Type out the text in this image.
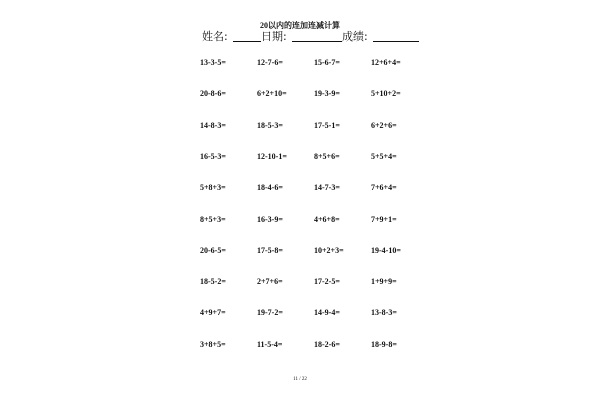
20以内的连加连减计算
姓名:	日期:	成绩:
13-3-5=	12-7-6=	15-6-7=	12+6+4=
20-8-6=	6+2+10=	19-3-9=	5+10+2=
14-8-3=	18-5-3=	17-5-1=	6+2+6=
16-5-3=	12-10-1=	8+5+6=	5+5+4=
5+8+3=	18-4-6=	14-7-3=	7+6+4=
8+5+3=	16-3-9=	4+6+8=	7+9+1=
20-6-5=	17-5-8=	10+2+3=	19-4-10=
18-5-2=	2+7+6=	17-2-5=	1+9+9=
4+9+7=	19-7-2=	14-9-4=	13-8-3=
3+8+5=	11-5-4=	18-2-6=	18-9-8=
11 / 22
